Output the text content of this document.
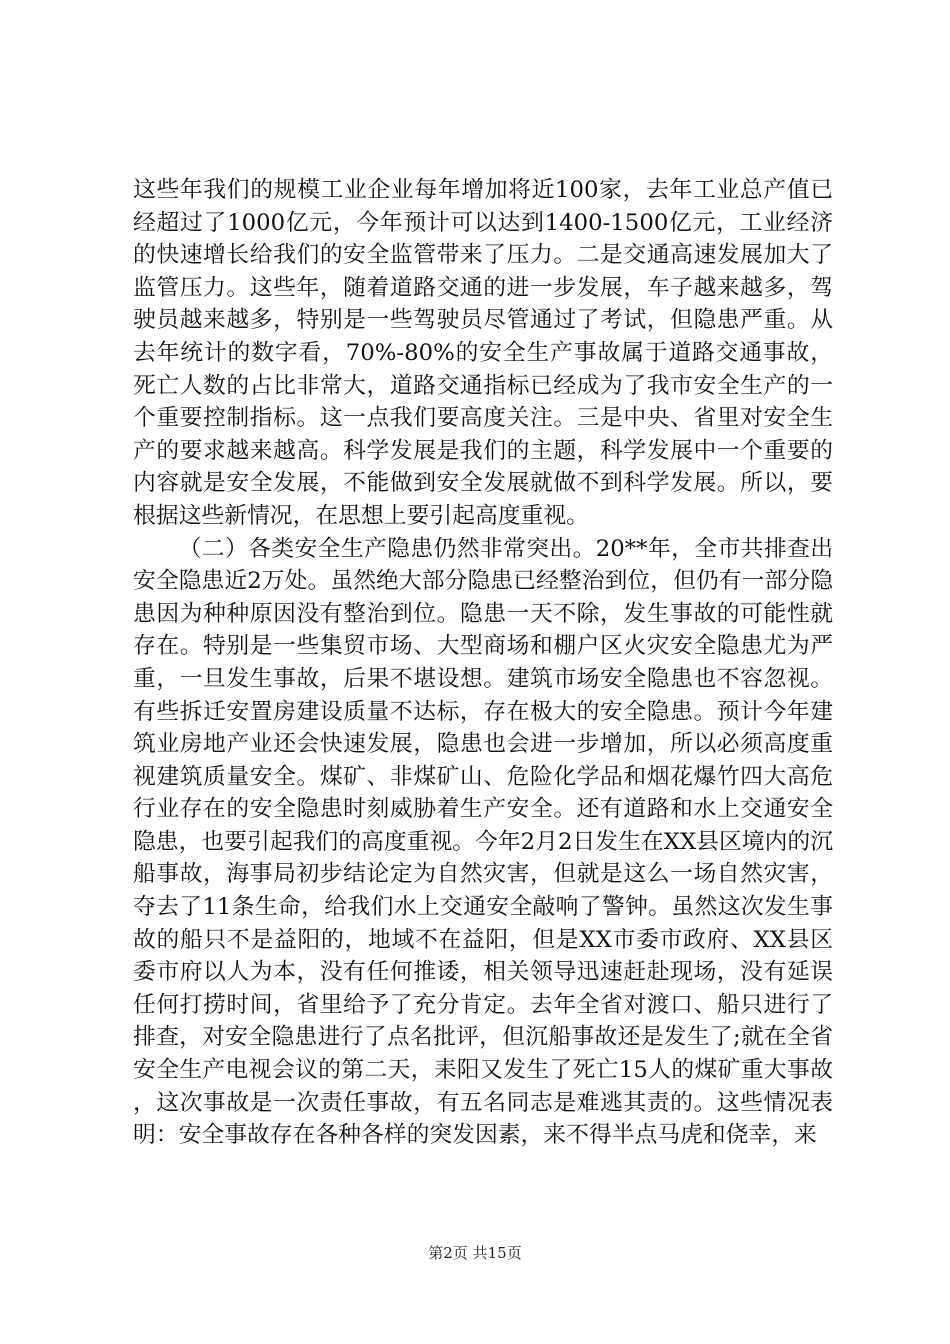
这些年我们的规模工业企业每年增加将近100家，去年工业总产值已经超过了1000亿元，今年预计可以达到1400-1500亿元，工业经济的快速增长给我们的安全监管带来了压力。二是交通高速发展加大了监管压力。这些年，随着道路交通的进一步发展，车子越来越多，驾驶员越来越多，特别是一些驾驶员尽管通过了考试，但隐患严重。从去年统计的数字看，70%-80%的安全生产事故属于道路交通事故，死亡人数的占比非常大，道路交通指标已经成为了我市安全生产的一个重要控制指标。这一点我们要高度关注。三是中央、省里对安全生产的要求越来越高。科学发展是我们的主题，科学发展中一个重要的内容就是安全发展，不能做到安全发展就做不到科学发展。所以，要根据这些新情况，在思想上要引起高度重视。

（二）各类安全生产隐患仍然非常突出。20**年，全市共排查出安全隐患近2万处。虽然绝大部分隐患已经整治到位，但仍有一部分隐患因为种种原因没有整治到位。隐患一天不除，发生事故的可能性就存在。特别是一些集贸市场、大型商场和棚户区火灾安全隐患尤为严重，一旦发生事故，后果不堪设想。建筑市场安全隐患也不容忽视。有些拆迁安置房建设质量不达标，存在极大的安全隐患。预计今年建筑业房地产业还会快速发展，隐患也会进一步增加，所以必须高度重视建筑质量安全。煤矿、非煤矿山、危险化学品和烟花爆竹四大高危行业存在的安全隐患时刻威胁着生产安全。还有道路和水上交通安全隐患，也要引起我们的高度重视。今年2月2日发生在XX县区境内的沉船事故，海事局初步结论定为自然灾害，但就是这么一场自然灾害，夺去了11条生命，给我们水上交通安全敲响了警钟。虽然这次发生事故的船只不是益阳的，地域不在益阳，但是XX市委市政府、XX县区委市府以人为本，没有任何推诿，相关领导迅速赶赴现场，没有延误任何打捞时间，省里给予了充分肯定。去年全省对渡口、船只进行了排查，对安全隐患进行了点名批评，但沉船事故还是发生了;就在全省安全生产电视会议的第二天，耒阳又发生了死亡15人的煤矿重大事故，这次事故是一次责任事故，有五名同志是难逃其责的。这些情况表明：安全事故存在各种各样的突发因素，来不得半点马虎和侥幸，来

第2页 共15页
